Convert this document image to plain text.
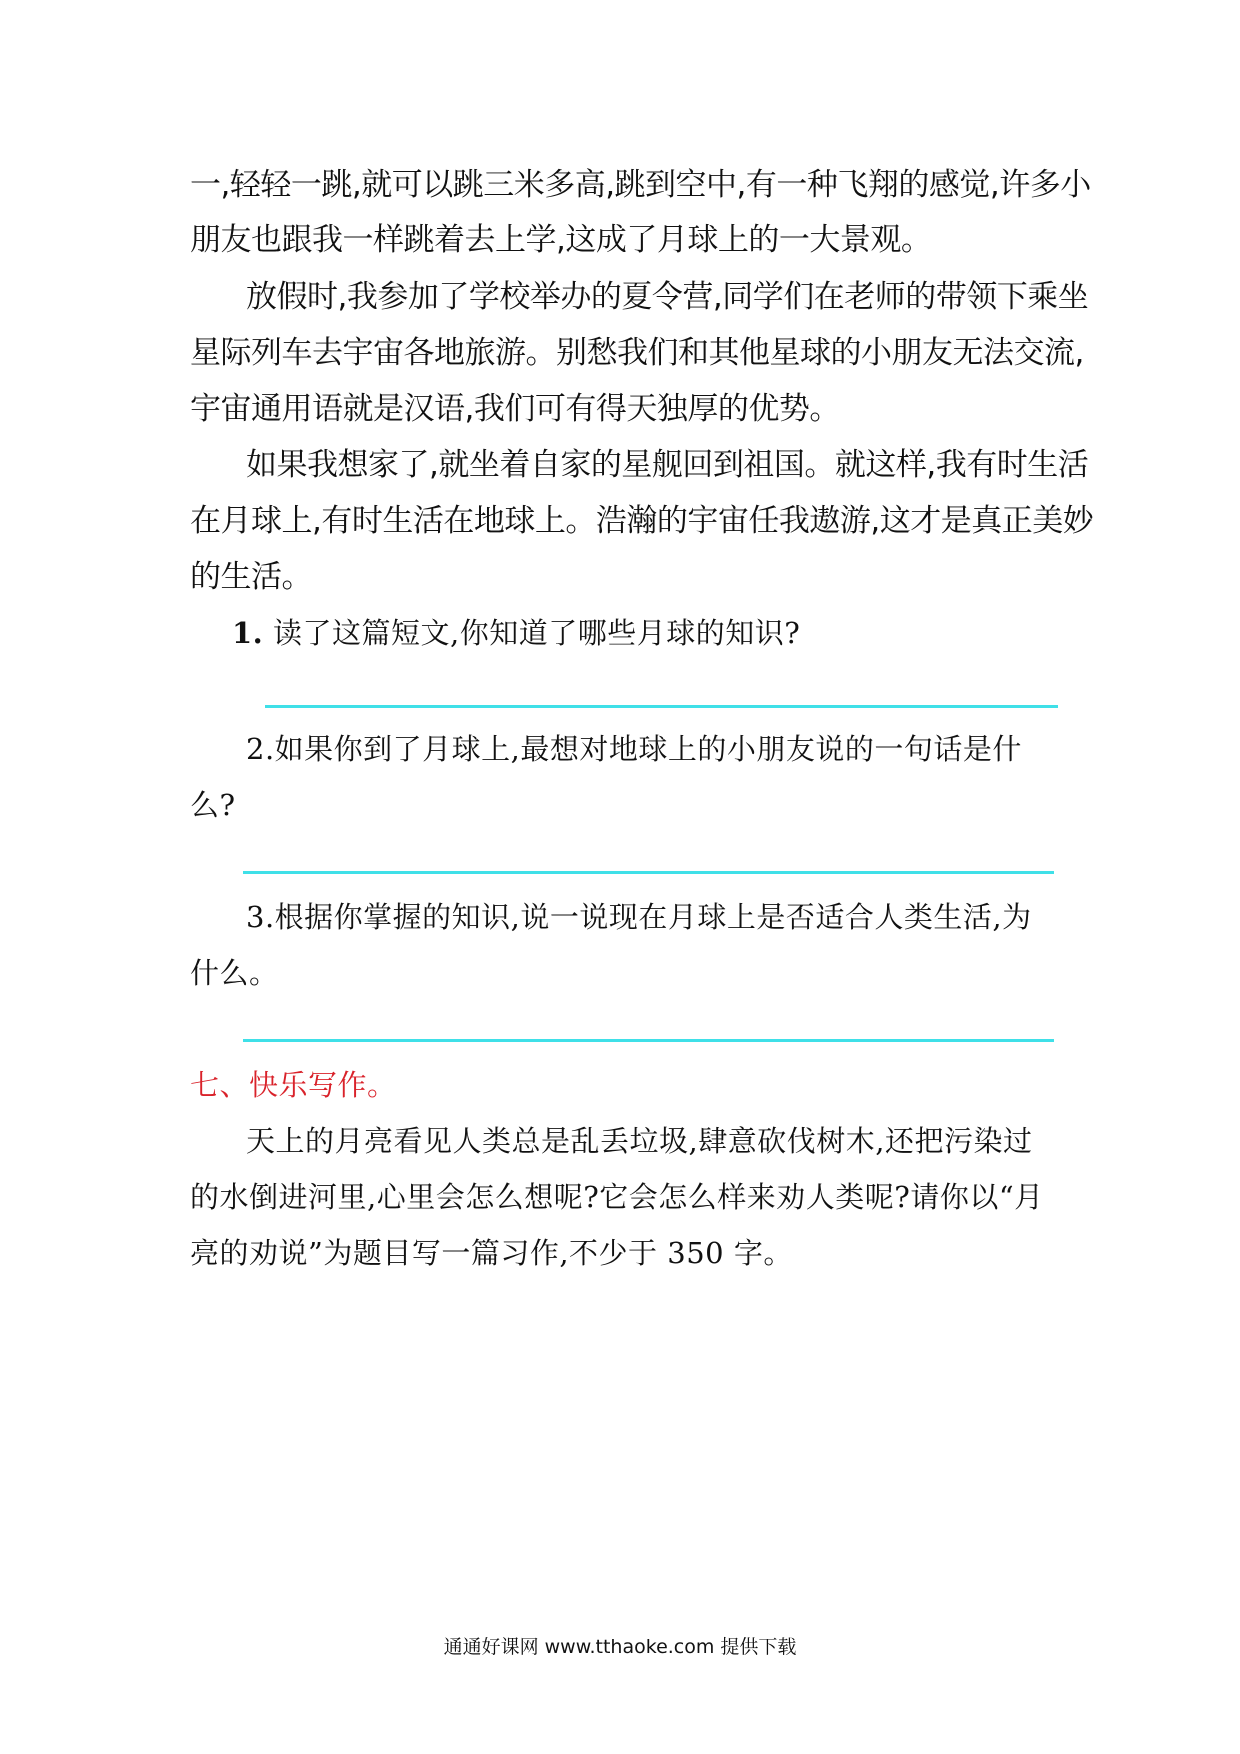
一,轻轻一跳,就可以跳三米多高,跳到空中,有一种飞翔的感觉,许多小
朋友也跟我一样跳着去上学,这成了月球上的一大景观。
放假时,我参加了学校举办的夏令营,同学们在老师的带领下乘坐
星际列车去宇宙各地旅游。别愁我们和其他星球的小朋友无法交流,
宇宙通用语就是汉语,我们可有得天独厚的优势。
如果我想家了,就坐着自家的星舰回到祖国。就这样,我有时生活
在月球上,有时生活在地球上。浩瀚的宇宙任我遨游,这才是真正美妙
的生活。
1. 读了这篇短文,你知道了哪些月球的知识?
2.如果你到了月球上,最想对地球上的小朋友说的一句话是什
么?
3.根据你掌握的知识,说一说现在月球上是否适合人类生活,为
什么。
七、快乐写作。
天上的月亮看见人类总是乱丢垃圾,肆意砍伐树木,还把污染过
的水倒进河里,心里会怎么想呢?它会怎么样来劝人类呢?请你以“月
亮的劝说”为题目写一篇习作,不少于 350 字。
通通好课网 www.tthaoke.com 提供下载
